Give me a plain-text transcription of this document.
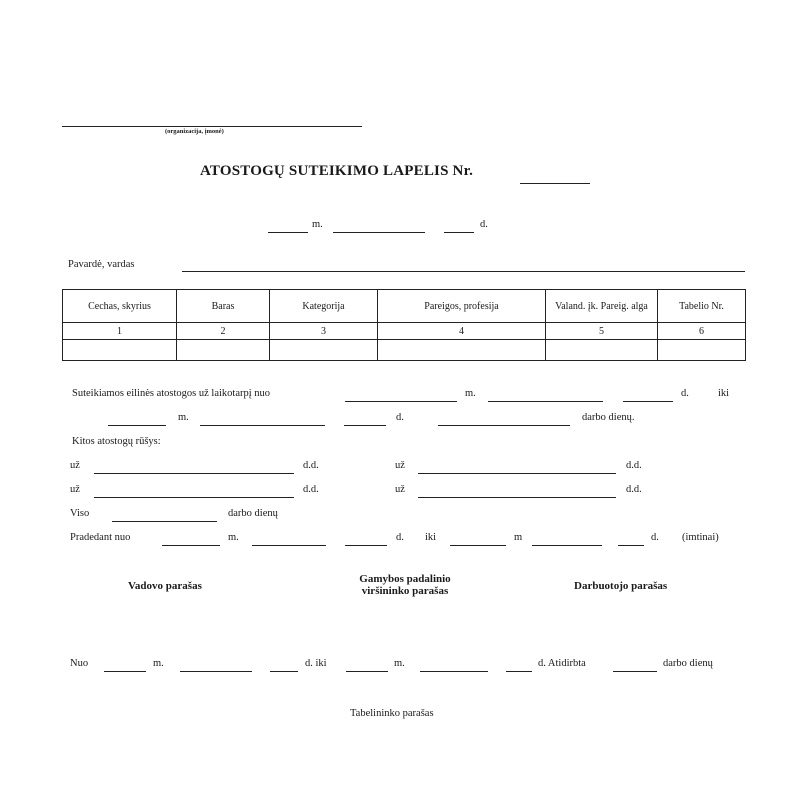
(organizacija, įmonė)
ATOSTOGŲ SUTEIKIMO LAPELIS Nr.
m.	d.
Pavardė, vardas
Cechas, skyrius	Baras	Kategorija	Pareigos, profesija	Valand. įk. Pareig. alga	Tabelio Nr.
1	2	3	4	5	6

Suteikiamos eilinės atostogos už laikotarpį nuo	m.	d.	iki
m.	d.	darbo dienų.
Kitos atostogų rūšys:
už	d.d.	už	d.d.
už	d.d.	už	d.d.
Viso	darbo dienų
Pradedant nuo	m.	d. iki	m	d. (imtinai)
Vadovo parašas
Gamybos padalinio
viršininko parašas	Darbuotojo parašas
Nuo	m.	d. iki	m.	d. Atidirbta	darbo dienų
Tabelininko parašas
